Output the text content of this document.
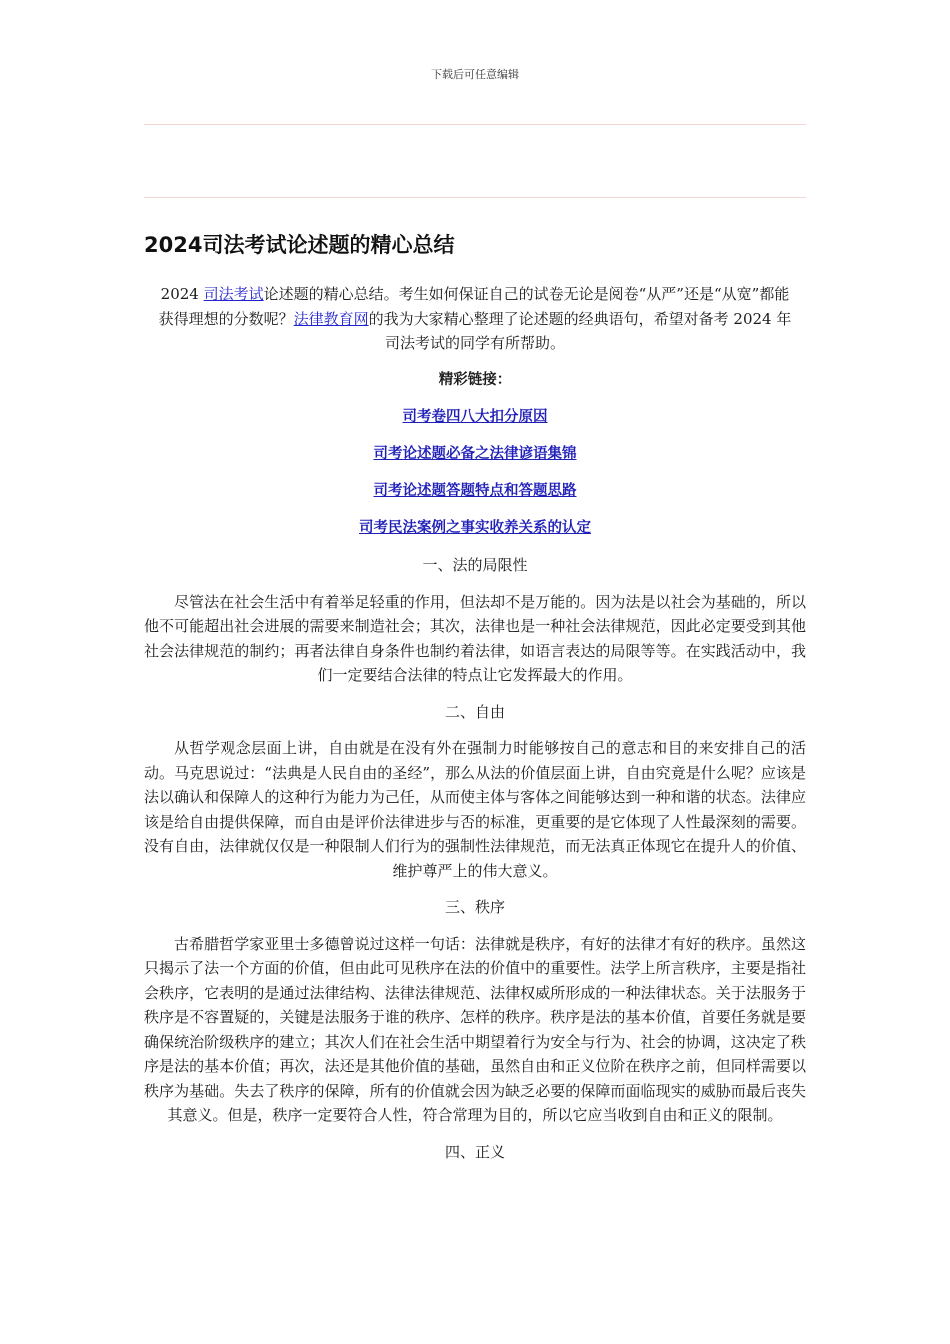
下载后可任意编辑
2024司法考试论述题的精心总结

2024 司法考试论述题的精心总结。考生如何保证自己的试卷无论是阅卷“从严”还是“从宽”都能获得理想的分数呢？法律教育网的我为大家精心整理了论述题的经典语句，希望对备考 2024 年司法考试的同学有所帮助。

精彩链接：

司考卷四八大扣分原因
司考论述题必备之法律谚语集锦
司考论述题答题特点和答题思路
司考民法案例之事实收养关系的认定

一、法的局限性

尽管法在社会生活中有着举足轻重的作用，但法却不是万能的。因为法是以社会为基础的，所以他不可能超出社会进展的需要来制造社会；其次，法律也是一种社会法律规范，因此必定要受到其他社会法律规范的制约；再者法律自身条件也制约着法律，如语言表达的局限等等。在实践活动中，我们一定要结合法律的特点让它发挥最大的作用。

二、自由

从哲学观念层面上讲，自由就是在没有外在强制力时能够按自己的意志和目的来安排自己的活动。马克思说过：“法典是人民自由的圣经”，那么从法的价值层面上讲，自由究竟是什么呢？应该是法以确认和保障人的这种行为能力为己任，从而使主体与客体之间能够达到一种和谐的状态。法律应该是给自由提供保障，而自由是评价法律进步与否的标准，更重要的是它体现了人性最深刻的需要。没有自由，法律就仅仅是一种限制人们行为的强制性法律规范，而无法真正体现它在提升人的价值、维护尊严上的伟大意义。

三、秩序

古希腊哲学家亚里士多德曾说过这样一句话：法律就是秩序，有好的法律才有好的秩序。虽然这只揭示了法一个方面的价值，但由此可见秩序在法的价值中的重要性。法学上所言秩序，主要是指社会秩序，它表明的是通过法律结构、法律法律规范、法律权威所形成的一种法律状态。关于法服务于秩序是不容置疑的，关键是法服务于谁的秩序、怎样的秩序。秩序是法的基本价值，首要任务就是要确保统治阶级秩序的建立；其次人们在社会生活中期望着行为安全与行为、社会的协调，这决定了秩序是法的基本价值；再次，法还是其他价值的基础，虽然自由和正义位阶在秩序之前，但同样需要以秩序为基础。失去了秩序的保障，所有的价值就会因为缺乏必要的保障而面临现实的威胁而最后丧失其意义。但是，秩序一定要符合人性，符合常理为目的，所以它应当收到自由和正义的限制。

四、正义
